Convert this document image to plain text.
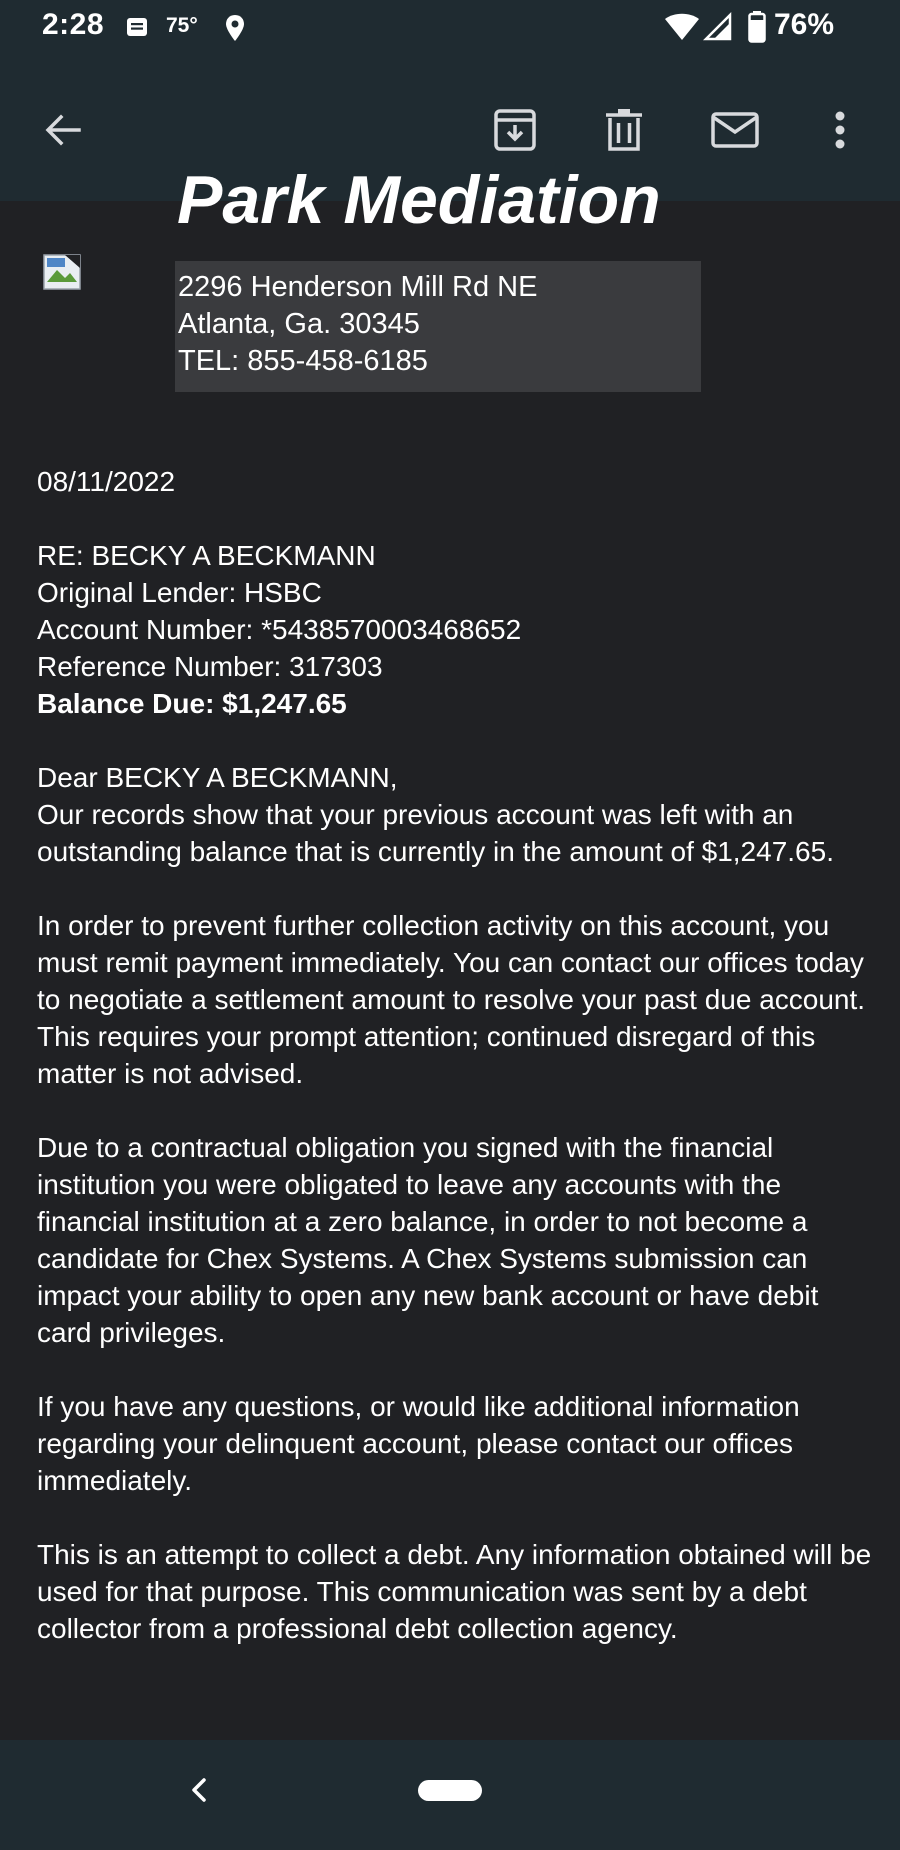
2:28	75°	76%
Park Mediation
2296 Henderson Mill Rd NE
Atlanta, Ga. 30345
TEL: 855-458-6185

08/11/2022

RE: BECKY A BECKMANN
Original Lender: HSBC
Account Number: *5438570003468652
Reference Number: 317303
Balance Due: $1,247.65

Dear BECKY A BECKMANN,
Our records show that your previous account was left with an outstanding balance that is currently in the amount of $1,247.65.

In order to prevent further collection activity on this account, you must remit payment immediately. You can contact our offices today to negotiate a settlement amount to resolve your past due account. This requires your prompt attention; continued disregard of this matter is not advised.

Due to a contractual obligation you signed with the financial institution you were obligated to leave any accounts with the financial institution at a zero balance, in order to not become a candidate for Chex Systems. A Chex Systems submission can impact your ability to open any new bank account or have debit card privileges.

If you have any questions, or would like additional information regarding your delinquent account, please contact our offices immediately.

This is an attempt to collect a debt. Any information obtained will be used for that purpose. This communication was sent by a debt collector from a professional debt collection agency.
